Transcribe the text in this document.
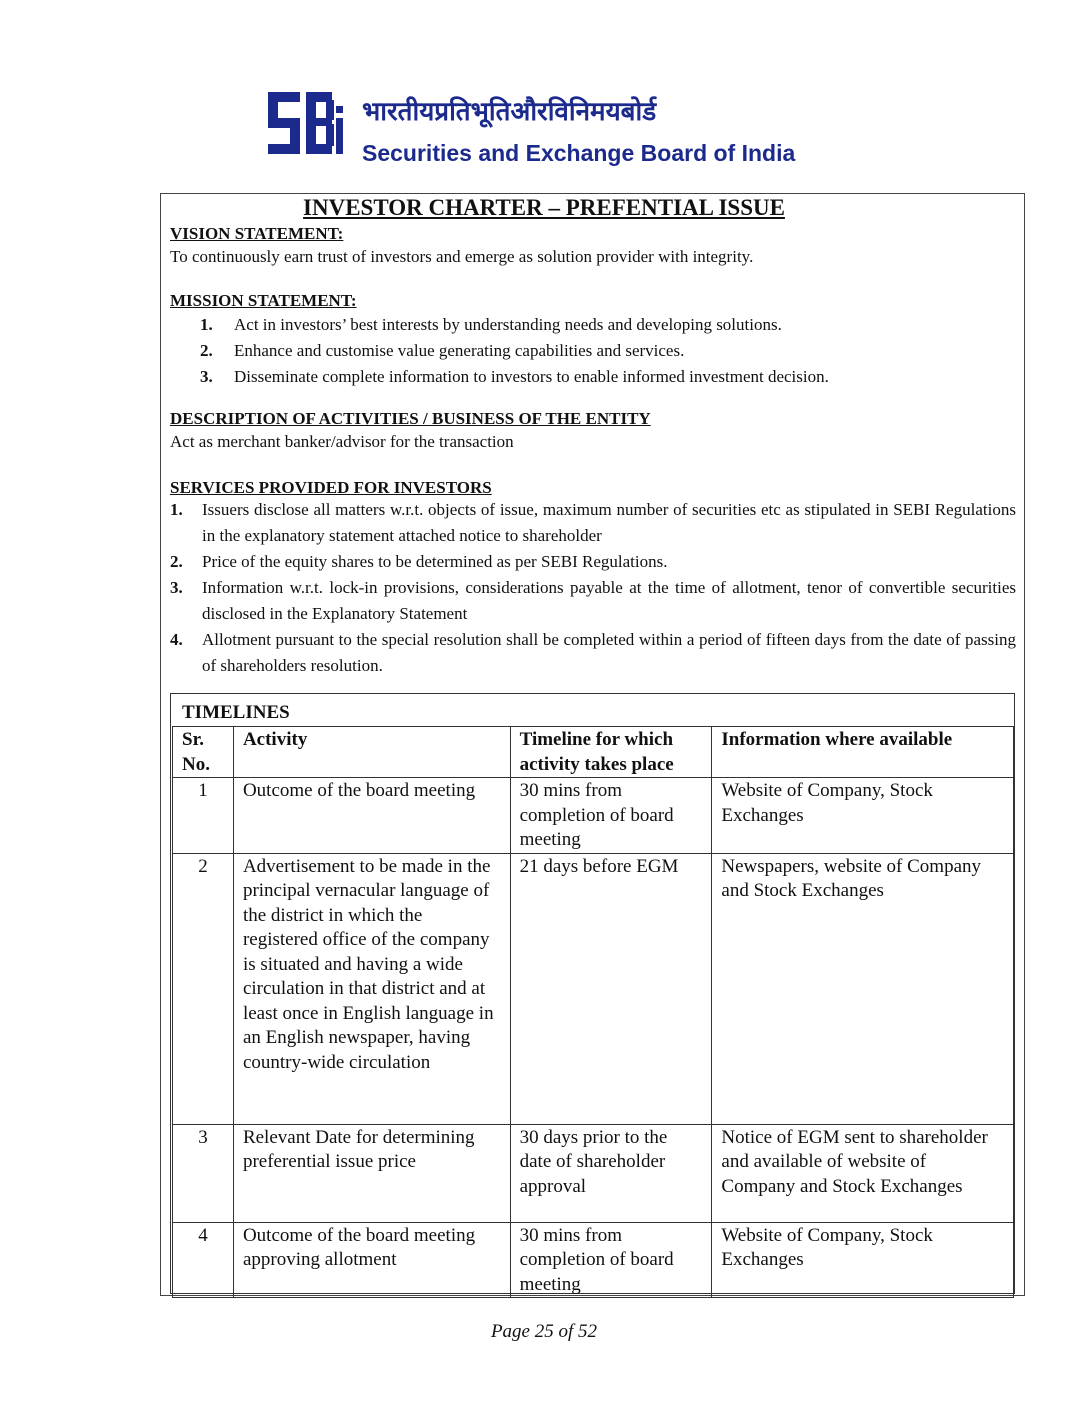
भारतीयप्रतिभूतिऔरविनिमयबोर्ड
Securities and Exchange Board of India
INVESTOR CHARTER – PREFENTIAL ISSUE
VISION STATEMENT:
To continuously earn trust of investors and emerge as solution provider with integrity.
MISSION STATEMENT:
1. Act in investors’ best interests by understanding needs and developing solutions.
2. Enhance and customise value generating capabilities and services.
3. Disseminate complete information to investors to enable informed investment decision.
DESCRIPTION OF ACTIVITIES / BUSINESS OF THE ENTITY
Act as merchant banker/advisor for the transaction
SERVICES PROVIDED FOR INVESTORS
1.	Issuers disclose all matters w.r.t. objects of issue, maximum number of securities etc as stipulated in SEBI Regulations in the explanatory statement attached notice to shareholder
2.	Price of the equity shares to be determined as per SEBI Regulations.
3.	Information w.r.t. lock-in provisions, considerations payable at the time of allotment, tenor of convertible securities disclosed in the Explanatory Statement
4.	Allotment pursuant to the special resolution shall be completed within a period of fifteen days from the date of passing of shareholders resolution.
TIMELINES
Sr. No.	Activity	Timeline for which activity takes place	Information where available
1	Outcome of the board meeting	30 mins from completion of board meeting	Website of Company, Stock Exchanges
2	Advertisement to be made in the principal vernacular language of the district in which the registered office of the company is situated and having a wide circulation in that district and at least once in English language in an English newspaper, having country-wide circulation	21 days before EGM	Newspapers, website of Company and Stock Exchanges
3	Relevant Date for determining preferential issue price	30 days prior to the date of shareholder approval	Notice of EGM sent to shareholder and available of website of Company and Stock Exchanges
4	Outcome of the board meeting approving allotment	30 mins from completion of board meeting	Website of Company, Stock Exchanges
Page 25 of 52
